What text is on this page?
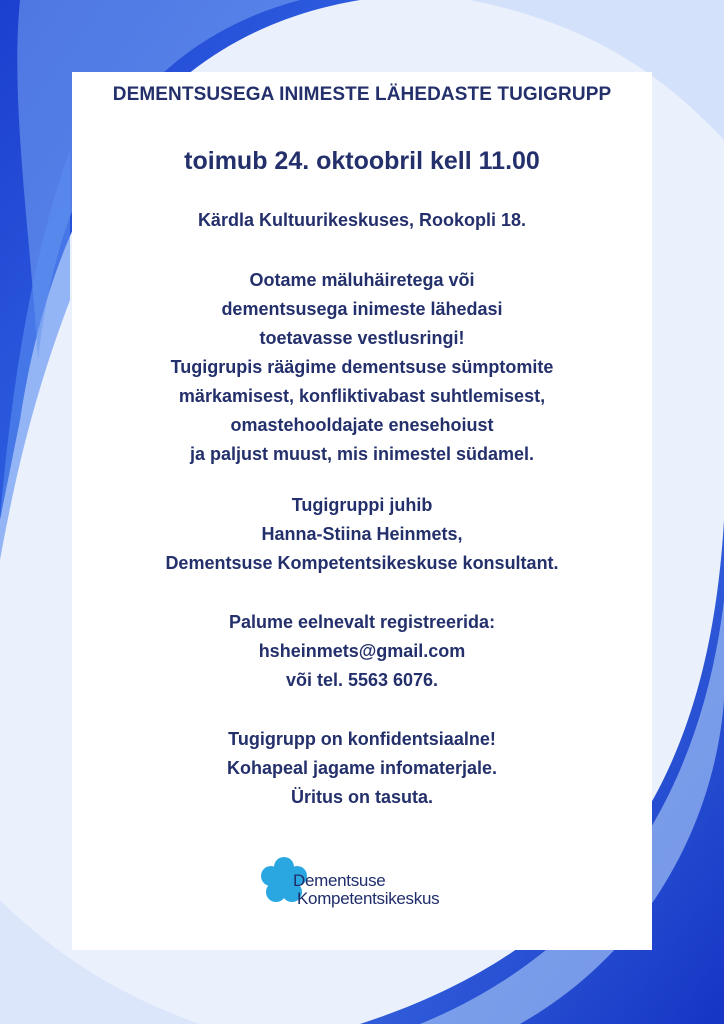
DEMENTSUSEGA INIMESTE LÄHEDASTE TUGIGRUPP

toimub 24. oktoobril kell 11.00

Kärdla Kultuurikeskuses, Rookopli 18.

Ootame mäluhäiretega või
dementsusega inimeste lähedasi
toetavasse vestlusringi!
Tugigrupis räägime dementsuse sümptomite
märkamisest, konfliktivabast suhtlemisest,
omastehooldajate enesehoiust
ja paljust muust, mis inimestel südamel.
Tugigruppi juhib
Hanna-Stiina Heinmets,
Dementsuse Kompetentsikeskuse konsultant.
Palume eelnevalt registreerida:
hsheinmets@gmail.com
või tel. 5563 6076.
Tugigrupp on konfidentsiaalne!
Kohapeal jagame infomaterjale.
Üritus on tasuta.
Dementsuse
Kompetentsikeskus
